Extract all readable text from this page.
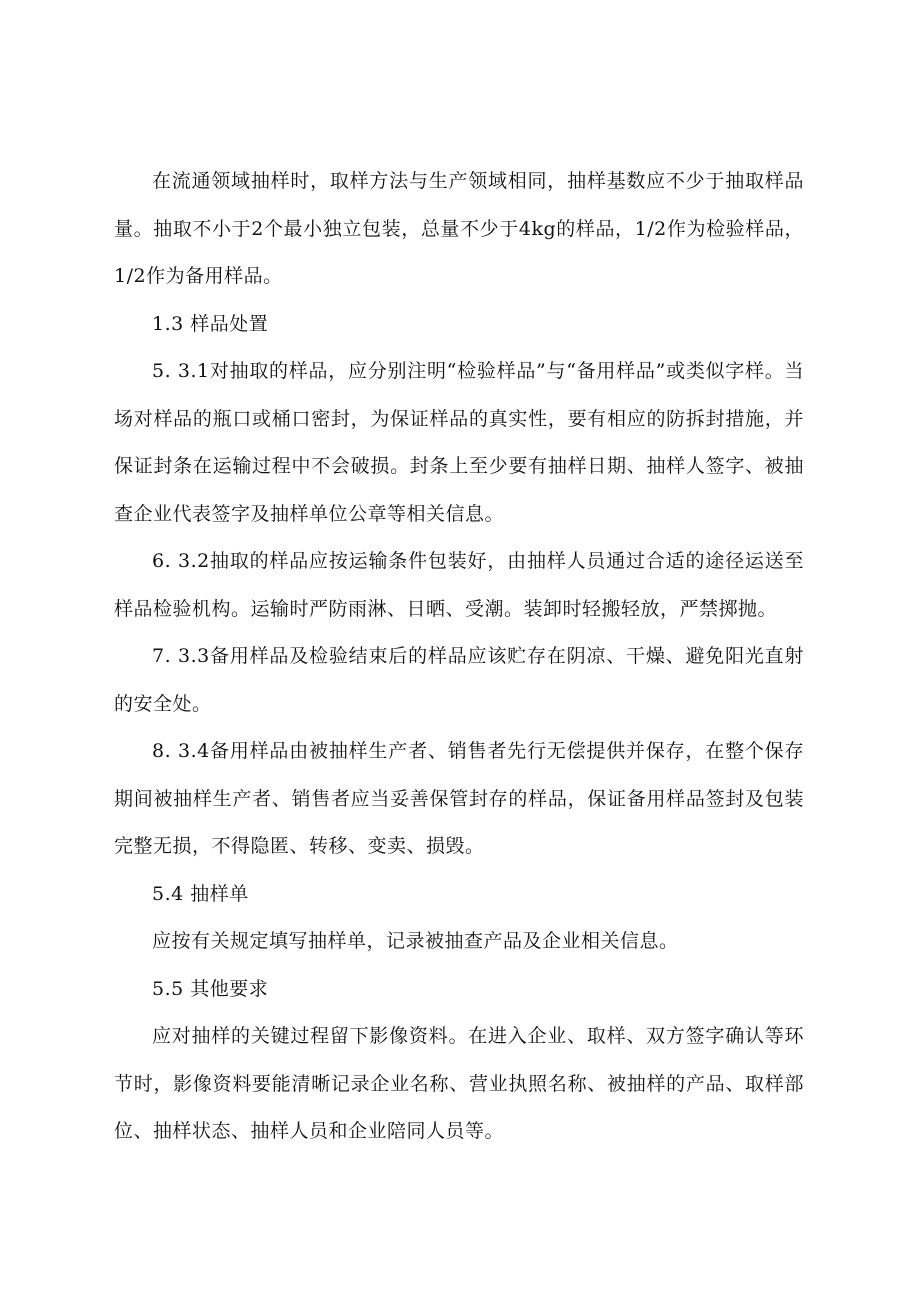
在流通领域抽样时，取样方法与生产领域相同，抽样基数应不少于抽取样品量。抽取不小于2个最小独立包装，总量不少于4kg的样品，1/2作为检验样品，1/2作为备用样品。

1.3 样品处置

5. 3.1对抽取的样品，应分别注明“检验样品”与“备用样品”或类似字样。当场对样品的瓶口或桶口密封，为保证样品的真实性，要有相应的防拆封措施，并保证封条在运输过程中不会破损。封条上至少要有抽样日期、抽样人签字、被抽查企业代表签字及抽样单位公章等相关信息。

6. 3.2抽取的样品应按运输条件包装好，由抽样人员通过合适的途径运送至样品检验机构。运输时严防雨淋、日晒、受潮。装卸时轻搬轻放，严禁掷抛。

7. 3.3备用样品及检验结束后的样品应该贮存在阴凉、干燥、避免阳光直射的安全处。

8. 3.4备用样品由被抽样生产者、销售者先行无偿提供并保存，在整个保存期间被抽样生产者、销售者应当妥善保管封存的样品，保证备用样品签封及包装完整无损，不得隐匿、转移、变卖、损毁。

5.4 抽样单

应按有关规定填写抽样单，记录被抽查产品及企业相关信息。

5.5 其他要求

应对抽样的关键过程留下影像资料。在进入企业、取样、双方签字确认等环节时，影像资料要能清晰记录企业名称、营业执照名称、被抽样的产品、取样部位、抽样状态、抽样人员和企业陪同人员等。
